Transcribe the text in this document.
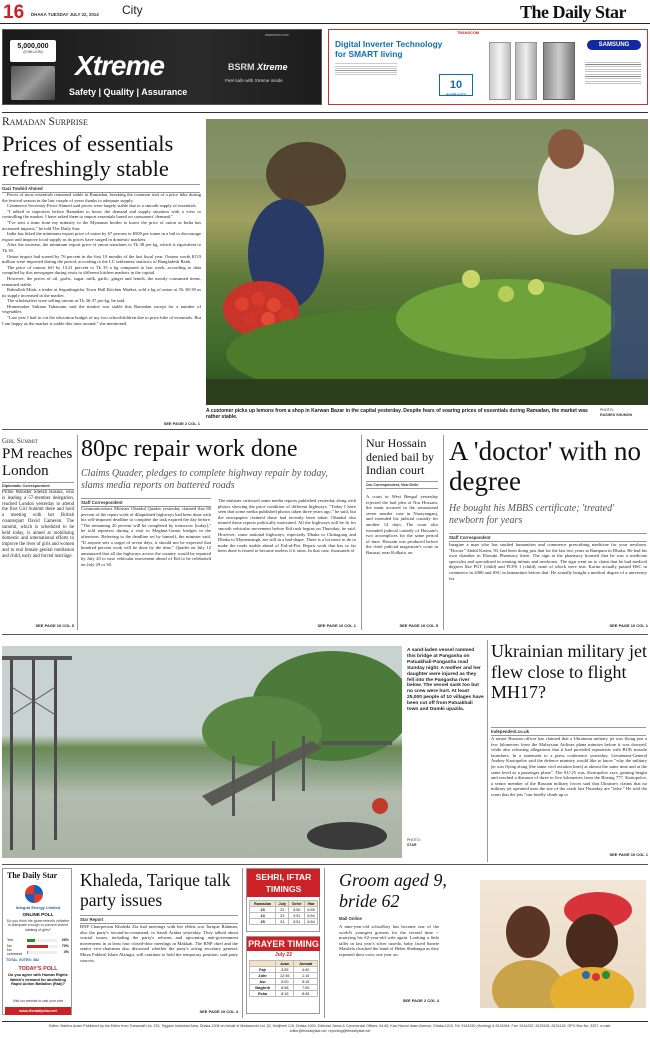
16 DHAKA TUESDAY JULY 22, 2014 City	The Daily Star
5,000,000
(5 MILLION)	Xtreme
Safety | Quality | Assurance
BSRM Xtreme
Feel safe with Xtreme inside
www.bsrm.com	TRANSCOM
Digital Inverter Technology
for SMART living
10
WARRANTY
SAMSUNG
Ramadan Surprise
Prices of essentials refreshingly stable
Gazi Towhid Ahmed

Prices of most essentials remained stable in Ramadan, breaking the common trait of a price hike during the festival season in the last couple of years thanks to adequate supply.

Commerce Secretary Feroz Ahmed said prices were largely stable due to a smooth supply of essentials.

"I talked to importers before Ramadan to know the demand and supply situation with a view to controlling the market. I have asked them to import essentials based on consumers' demand."

"I've sent a team from my ministry to the Myanmar border to know the price of onion as India has increased imports," he told The Daily Star.

India has hiked the minimum export price of onion by 67 percent to $500 per tonne in a bid to discourage export and improve local supply as its prices have surged in domestic markets.

After the increase, the minimum export price of onion translates to Tk 38 per kg, which is equivalent to Tk 39.

Onion import had soared by 76 percent in the first 10 months of the last fiscal year. Onions worth $133 million were imported during the period, according to the LC settlement statistics of Bangladesh Bank.

The price of onions fell by 13.21 percent to Tk 35 a kg compared to last week, according to data compiled by this newspaper during visits to different kitchen markets in the capital.

However, the prices of oil, garlic, sugar, milk, garlic, ginger and lentils, the mostly consumed items, remained stable.

Rabiullah Miah, a trader at Segunbagicha Town Hall Kitchen Market, sold a kg of onion at Tk 38-39 as its supply increased in the market.

The wholesalers were selling onions at Tk 36-37 per kg, he said.

Homemaker Sultana Tabassum said the market was stable this Ramadan except for a number of vegetables.

"Last year I had to cut the education budget of my two schoolchildren due to price hike of essentials. But I am happy as the market is stable this time around," she mentioned.

SEE PAGE 2 COL 1
A customer picks up lemons from a shop in Karwan Bazar in the capital yesterday. Despite fears of soaring prices of essentials during Ramadan, the market was rather stable.
PHOTO:
RASHED SHUMON
Girl Summit
PM reaches London
Diplomatic Correspondent
Prime Minister Sheikh Hasina, who is leading a 57-member delegation, reached London yesterday to attend the first Girl Summit there and hold a meeting with her British counterpart David Cameron. The summit, which is scheduled to be held today, is aimed at mobilising domestic and international efforts to improve the lives of girls and women and to end female genital mutilation and child, early and forced marriage.
SEE PAGE 10 COL 5
80pc repair work done
Claims Quader, pledges to complete highway repair by today, slams media reports on battered roads
Staff Correspondent
Communications Minister Obaidul Quader yesterday claimed that 80 percent of the repair work of dilapidated highways had been done with his self-imposed deadline to complete the task expired the day before. "The remaining 20 percent will be completed by tomorrow [today]," he told reporters during a visit to Meghna-Gumti bridges in the afternoon. Referring to the deadline set by himself, the minister said, "If anyone sets a target of seven days, it should not be expected that hundred percent work will be done by the time." Quader on July 12 announced that all the highways across the country would be repaired by July 20 to ease vehicular movement ahead of Eid to be celebrated on July 29 or 30.
The minister criticised some media reports published yesterday along with photos showing the price condition of different highways. "Today I have seen that some media published photos taken three years ago," he said, but the newspapers claimed those had recently been taken. Obaidul also termed those reports politically motivated. All the highways will be fit for smooth vehicular movement before Eid rush begins on Thursday, he said. However, some national highways, especially Dhaka to Chittagong and Dhaka to Mymensingh, are still in a bad shape. There is a lot more to do to make the roads usable ahead of Eid-ul-Fitr. Repair work that has so far been done is feared to become useless if it rains. In that case, thousands of
SEE PAGE 10 COL 1
Nur Hossain denied bail by Indian court
Our Correspondent, New Delhi
A court in West Bengal yesterday rejected the bail plea of Nur Hossain, the main accused in the sensational seven murder case in Narayanganj, and extended his judicial custody for another 14 days. The court also extended judicial custody of Hossain's two accomplices for the same period of time. Hossain was produced before the chief judicial magistrate's court in Barasat, near Kolkata, on
SEE PAGE 10 COL 5
A 'doctor' with no degree
He bought his MBBS certificate; 'treated' newborn for years
Staff Correspondent
Imagine a man who has studied humanities and commerce prescribing medicine for your newborn. "Doctor" Abdul Karim, 50, had been doing just that for the last two years at Rampura in Dhaka. He had his own chamber in Ehosaki Pharmacy there. The sign at the pharmacy boasted that he was a medicine specialist and specialised in treating infants and newborns. The sign went on to claim that he had medical degrees like PGT (child) and FCPS 1 (child), none of which were true. Karim actually passed HSC in commerce in 2006 and SSC in humanities before that. He actually bought a medical degree of a university for
SEE PAGE 10 COL 1
A sand-laden vessel rammed this bridge at Pangasha on Patuakhali-Pangasha road Sunday night. A mother and her daughter were injured as they fell into the Pangasha river below. The vessel sank too but no crew were hurt. At least 25,000 people of 10 villages have been cut off from Patuakhali town and Dumki upazila.
PHOTO:
STAR
Ukrainian military jet flew close to flight MH17?
Independent.co.uk
A senior Russian officer has claimed that a Ukrainian military jet was flying just a few kilometres from the Malaysian Airlines plane minutes before it was downed, while also releasing allegations that it had provided separatists with BUK missile launchers. In a statement to a press conference yesterday, Lieutenant-General Andrey Kartopolov said the defence ministry would like to know "why the military jet was flying along [the same civil aviation lines] at almost the same time and at the same level as a passenger plane". The SU-25 was, Kartopolov says, gaining height and reached a distance of three to five kilometres from the Boeing 777. Kartopolov, a senior member of the Russian military forces said that Ukraine's claims that no military jet operated near the site of the crash last Thursday are "false." He told the room that the jets "can briefly climb up to
SEE PAGE 10 COL 1
The Daily Star
Integral Energy Limited
ONLINE POLL
Do you think the government's initiative is adequate enough to prevent violent stalking of girls?
Yes	26%
No	70%
No comment	4%
TOTAL VOTES: 382
TODAY'S POLL
Do you agree with Human Rights Watch's demand for abolishing Rapid Action Battalion (Rab)?
Visit our website to cast your vote
www.thedailystar.net
Khaleda, Tarique talk party issues
Star Report
BNP Chairperson Khaleda Zia had meetings with her eldest son Tarique Rahman, also the party's second-in-command, in Saudi Arabia yesterday. They talked about crucial issues, including the party's reforms and upcoming anti-government movements in at least four closed-door meetings in Makkah. The BNP chief and the senior vice-chairman also discussed whether the party's acting secretary general, Mirza Fakhrul Islam Alamgir, will continue to hold the temporary position, said party sources.
SEE PAGE 10 COL 4
SEHRI, IFTAR TIMINGS
Ramadan	July	Sehri	Iftar
23	22	3:50	6:55
24	23	3:51	6:54
25	24	3:51	6:54
PRAYER TIMING
July 22
	Azan	Jamaat
Fajr	3:55	4:40
Zohr	12:45	1:15
Asr	5:00	5:15
Maghrib	6:58	7:00
Esha	8:15	8:45
Groom aged 9, bride 62
Mail Online
A nine-year-old schoolboy has become one of the world's youngest grooms for the second time -- marrying his 62-year-old wife again. Looking a little taller in last year's silver tuxedo, baby faced Saneie Masilela clutched the hand of Helen Shabangu as they repeated their vows one year on.
SEE PAGE 2 COL 4
Editor: Mahfuz Anam Published by the Editor from Transcraft Ltd, 229, Tejgaon Industrial Area, Dhaka-1208 on behalf of Mediaworld Ltd, 52, Motijheel C/A, Dhaka-1000. Editorial, News & Commercial Offices: 64-65, Kazi Nazrul Islam Avenue, Dhaka-1215. Tel: 9144330 (Hunting) & 8124944, Fax: 9144332, 8125155, 8124126. GPO Box No: 3257, e-mail: editor@thedailystar.net, reporting@thedailystar.net
